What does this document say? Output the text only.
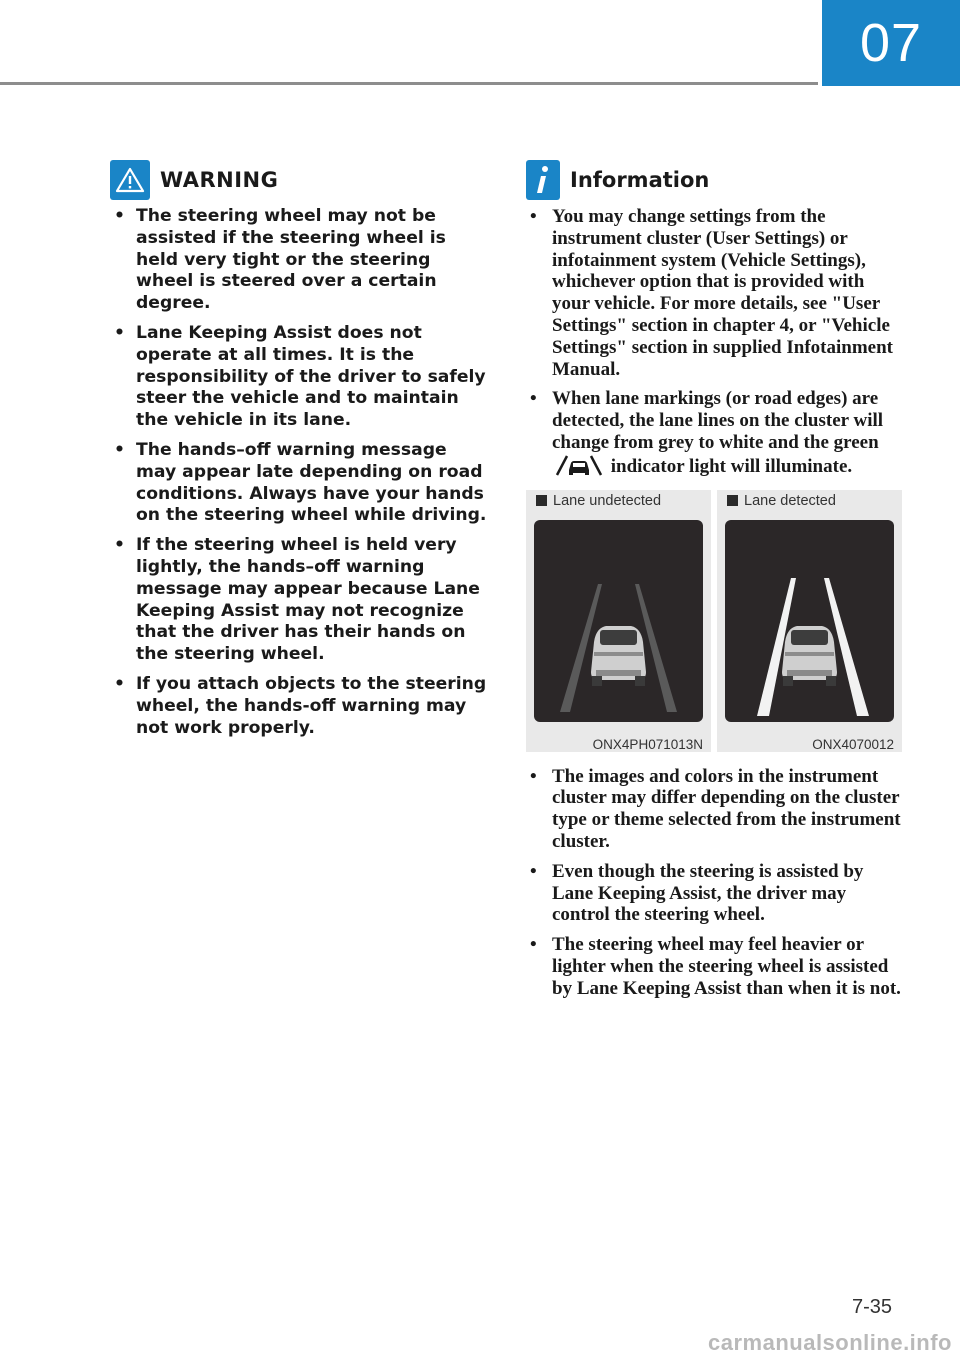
07
WARNING
• The steering wheel may not be assisted if the steering wheel is held very tight or the steering wheel is steered over a certain degree.
• Lane Keeping Assist does not operate at all times. It is the responsibility of the driver to safely steer the vehicle and to maintain the vehicle in its lane.
• The hands–off warning message may appear late depending on road conditions. Always have your hands on the steering wheel while driving.
• If the steering wheel is held very lightly, the hands–off warning message may appear because Lane Keeping Assist may not recognize that the driver has their hands on the steering wheel.
• If you attach objects to the steering wheel, the hands-off warning may not work properly.
Information
• You may change settings from the instrument cluster (User Settings) or infotainment system (Vehicle Settings), whichever option that is provided with your vehicle. For more details, see "User Settings" section in chapter 4, or "Vehicle Settings" section in supplied Infotainment Manual.
• When lane markings (or road edges) are detected, the lane lines on the cluster will change from grey to white and the green  indicator light will illuminate.
Lane undetected
ONX4PH071013N
Lane detected
ONX4070012
• The images and colors in the instrument cluster may differ depending on the cluster type or theme selected from the instrument cluster.
• Even though the steering is assisted by Lane Keeping Assist, the driver may control the steering wheel.
• The steering wheel may feel heavier or lighter when the steering wheel is assisted by Lane Keeping Assist than when it is not.
7-35
carmanualsonline.info
